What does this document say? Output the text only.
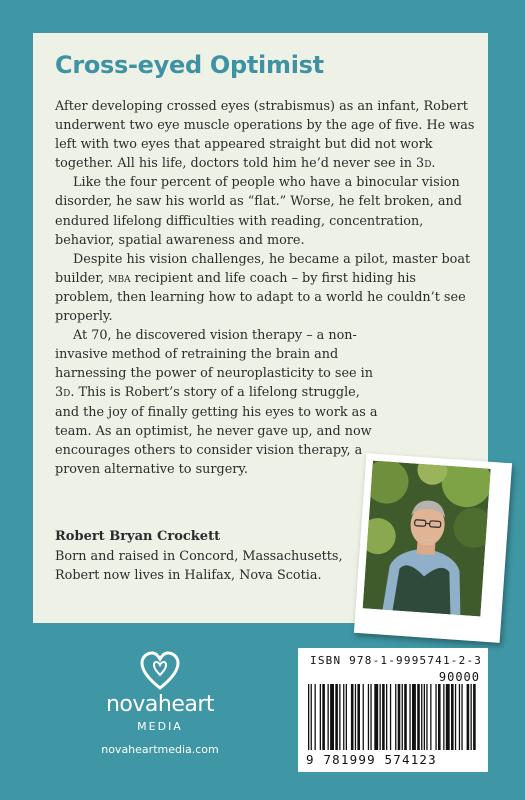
Cross-eyed Optimist

After developing crossed eyes (strabismus) as an infant, Robert underwent two eye muscle operations by the age of five. He was left with two eyes that appeared straight but did not work together. All his life, doctors told him he’d never see in 3d.

Like the four percent of people who have a binocular vision disorder, he saw his world as “flat.” Worse, he felt broken, and endured lifelong difficulties with reading, concentration, behavior, spatial awareness and more.

Despite his vision challenges, he became a pilot, master boat builder, mba recipient and life coach – by first hiding his problem, then learning how to adapt to a world he couldn’t see properly.

At 70, he discovered vision therapy – a non-invasive method of retraining the brain and harnessing the power of neuroplasticity to see in 3d. This is Robert’s story of a lifelong struggle, and the joy of finally getting his eyes to work as a team. As an optimist, he never gave up, and now encourages others to consider vision therapy, a proven alternative to surgery.

Robert Bryan Crockett
Born and raised in Concord, Massachusetts,
Robert now lives in Halifax, Nova Scotia.
novaheart
MEDIA
novaheartmedia.com
ISBN 978-1-9995741-2-3
90000
9 781999 574123
